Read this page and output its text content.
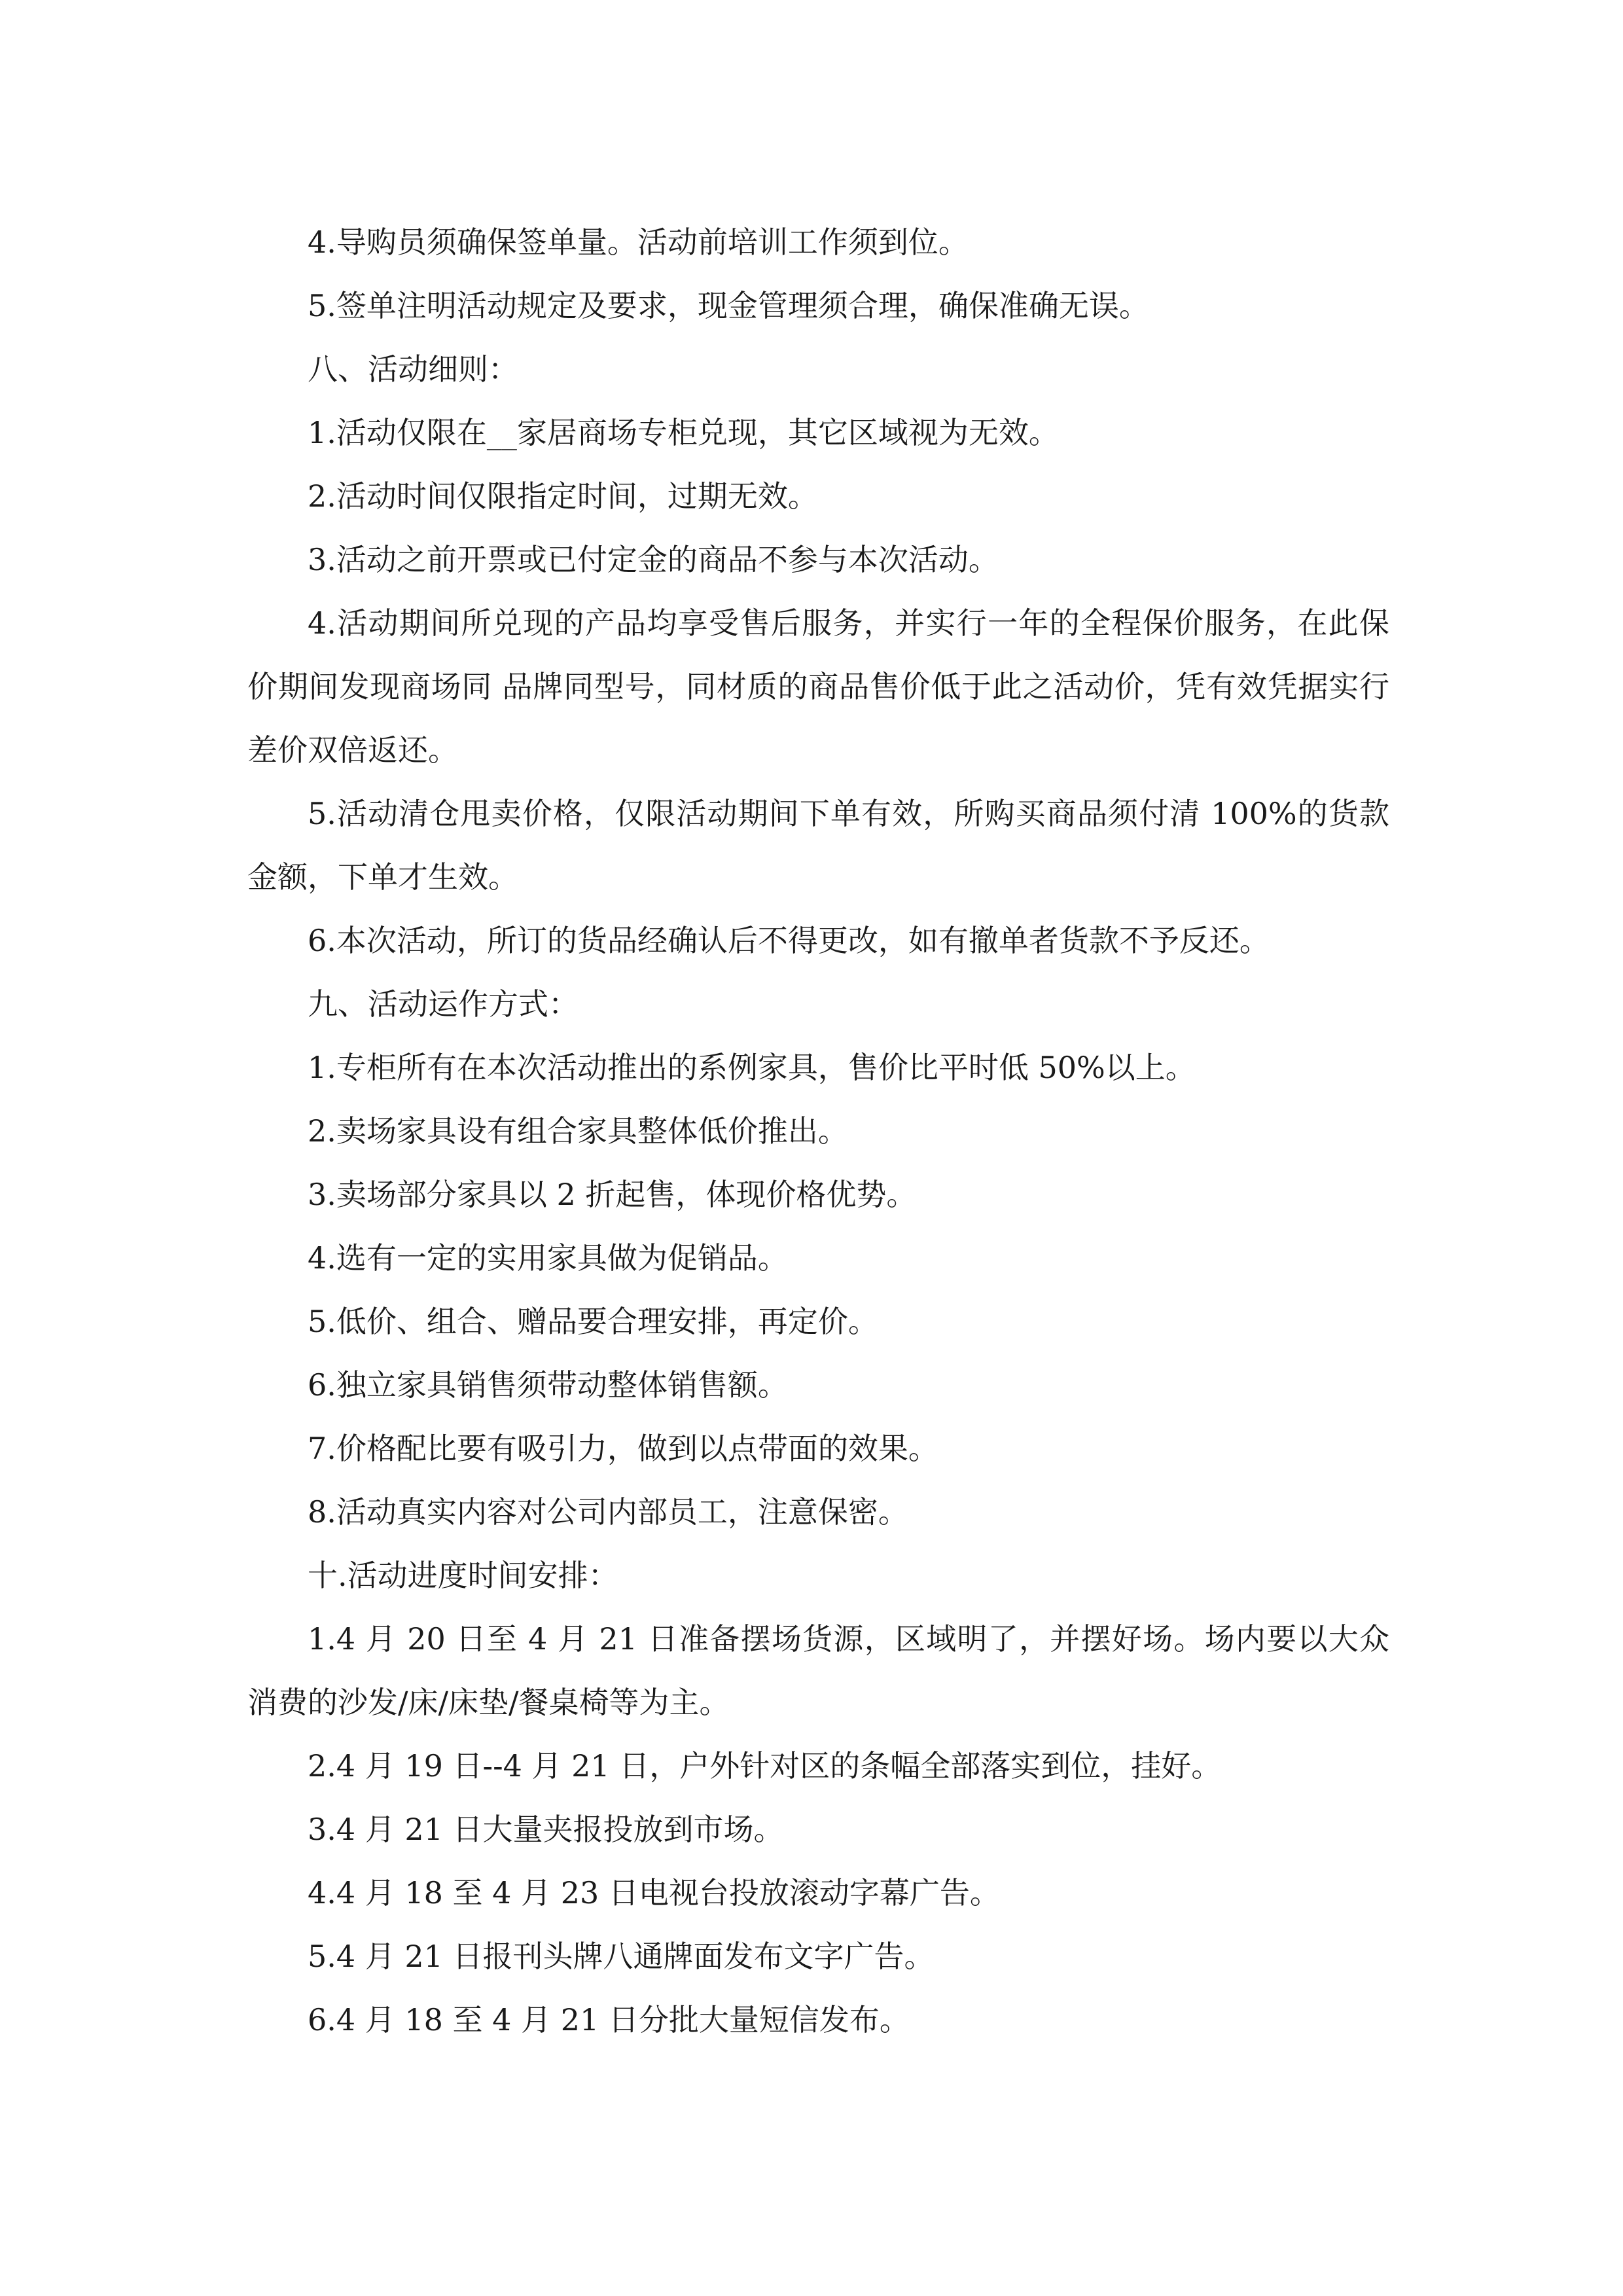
4.导购员须确保签单量。活动前培训工作须到位。

5.签单注明活动规定及要求，现金管理须合理，确保准确无误。

八、活动细则：

1.活动仅限在__家居商场专柜兑现，其它区域视为无效。

2.活动时间仅限指定时间，过期无效。

3.活动之前开票或已付定金的商品不参与本次活动。

4.活动期间所兑现的产品均享受售后服务，并实行一年的全程保价服务，在此保价期间发现商场同 品牌同型号，同材质的商品售价低于此之活动价，凭有效凭据实行差价双倍返还。

5.活动清仓甩卖价格，仅限活动期间下单有效，所购买商品须付清 100%的货款金额，下单才生效。

6.本次活动，所订的货品经确认后不得更改，如有撤单者货款不予反还。

九、活动运作方式：

1.专柜所有在本次活动推出的系例家具，售价比平时低 50%以上。

2.卖场家具设有组合家具整体低价推出。

3.卖场部分家具以 2 折起售，体现价格优势。

4.选有一定的实用家具做为促销品。

5.低价、组合、赠品要合理安排，再定价。

6.独立家具销售须带动整体销售额。

7.价格配比要有吸引力，做到以点带面的效果。

8.活动真实内容对公司内部员工，注意保密。

十.活动进度时间安排：

1.4 月 20 日至 4 月 21 日准备摆场货源，区域明了，并摆好场。场内要以大众消费的沙发/床/床垫/餐桌椅等为主。

2.4 月 19 日--4 月 21 日，户外针对区的条幅全部落实到位，挂好。

3.4 月 21 日大量夹报投放到市场。

4.4 月 18 至 4 月 23 日电视台投放滚动字幕广告。

5.4 月 21 日报刊头牌八通牌面发布文字广告。

6.4 月 18 至 4 月 21 日分批大量短信发布。
